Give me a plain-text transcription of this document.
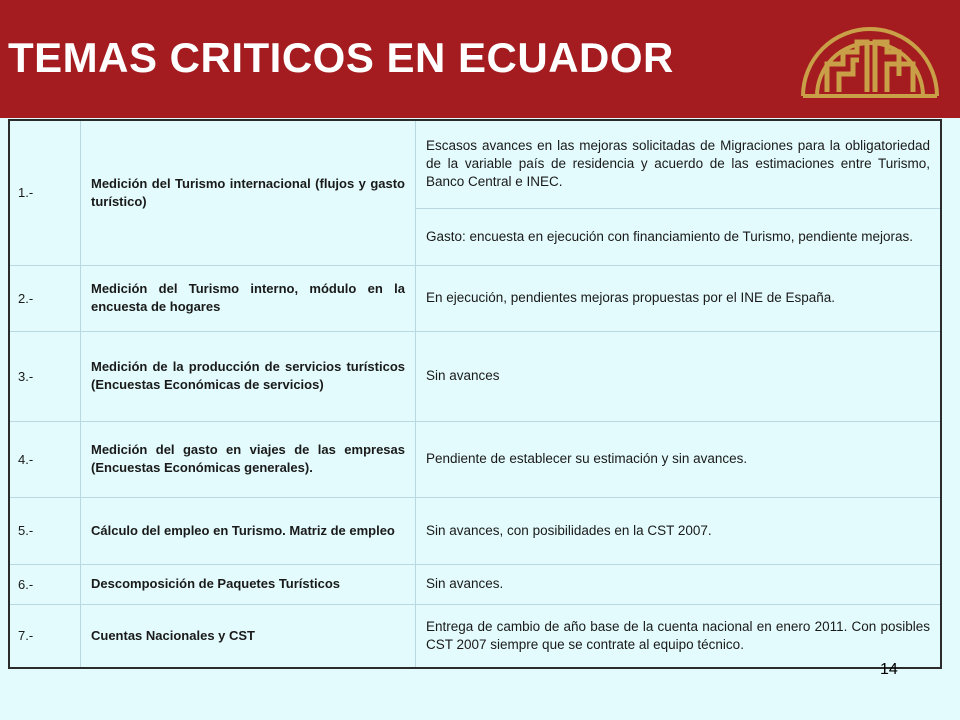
TEMAS CRITICOS EN ECUADOR
1.-	Medición del Turismo internacional (flujos y gasto turístico)	Escasos avances en las mejoras solicitadas de Migraciones para la obligatoriedad de la variable país de residencia y acuerdo de las estimaciones entre Turismo, Banco Central e INEC.
		Gasto: encuesta en ejecución con financiamiento de Turismo, pendiente mejoras.
2.-	Medición del Turismo interno, módulo en la encuesta de hogares	En ejecución, pendientes mejoras propuestas por el INE de España.
3.-	Medición de la producción de servicios turísticos (Encuestas Económicas de servicios)	Sin avances
4.-	Medición del gasto en viajes de las empresas (Encuestas Económicas generales).	Pendiente de establecer su estimación y sin avances.
5.-	Cálculo del empleo en Turismo. Matriz de empleo	Sin avances, con posibilidades en la CST 2007.
6.-	Descomposición de Paquetes Turísticos	Sin avances.
7.-	Cuentas Nacionales y CST	Entrega de cambio de año base de la cuenta nacional en enero 2011. Con posibles CST 2007 siempre que se contrate al equipo técnico.
14
